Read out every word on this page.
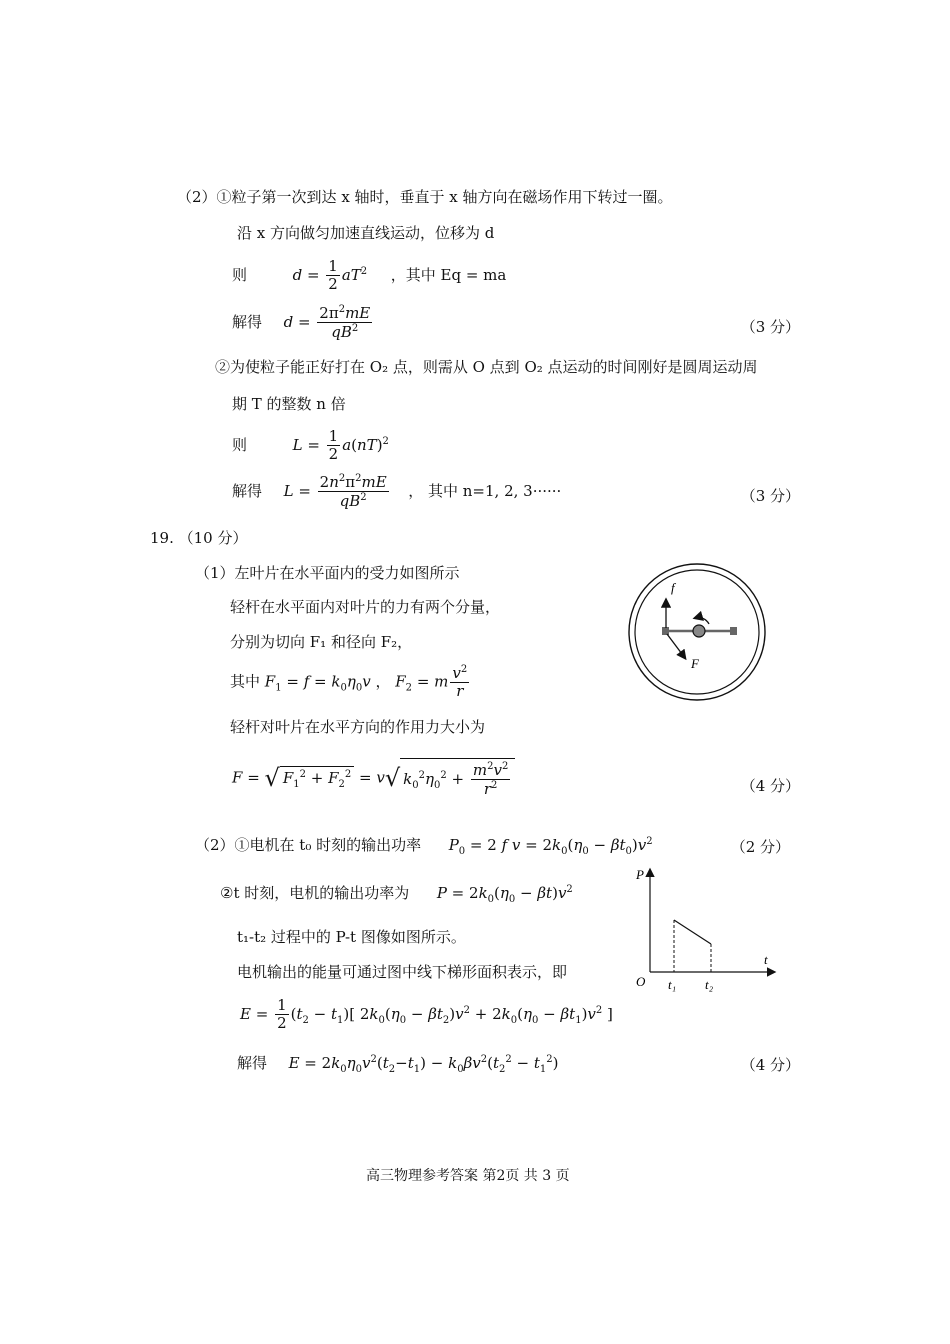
（2）①粒子第一次到达 x 轴时，垂直于 x 轴方向在磁场作用下转过一圈。
沿 x 方向做匀加速直线运动，位移为 d
则	$d = \frac{1}{2} aT^2$ ，其中 Eq = ma
解得 $d = \frac{2\pi^2mE}{qB^2}$	（3 分）
②为使粒子能正好打在 O₂ 点，则需从 O 点到 O₂ 点运动的时间刚好是圆周运动周
期 T 的整数 n 倍
则	$L = \frac{1}{2} a(nT)^2$
解得 $L = \frac{2n^2\pi^2mE}{qB^2}$ ， 其中 n=1, 2, 3······	（3 分）
19. （10 分）
（1）左叶片在水平面内的受力如图所示
轻杆在水平面内对叶片的力有两个分量，
分别为切向 F₁ 和径向 F₂，
其中 $F_1 = f = k_0\eta_0v$ ， $F_2 = m \frac{v^2}{r}$
轻杆对叶片在水平方向的作用力大小为
F = √ $F_1^2 + F_2^2 = v√$ $k_0^2\eta_0^2 + \frac{m^2v^2}{r^2}$	（4 分）
（2）①电机在 t₀ 时刻的输出功率 $P_0 = 2$ f $v = 2k_0(\eta_0 - \beta t_0)v^2$	（2 分）
②t 时刻，电机的输出功率为 $P = 2k_0(\eta_0 - \beta t)v^2$
t₁-t₂ 过程中的 P-t 图像如图所示。
电机输出的能量可通过图中线下梯形面积表示，即
$E = \frac{1}{2} (t_2 - t_1)$[ $2k_0(\eta_0 - \beta t_2)v^2 + 2k_0(\eta_0 - \beta t_1)v^2$ ]
解得 $E = 2k_0\eta_0v^2(t_2-t_1) - k_0\beta v^2(t_2^2 - t_1^2)$	（4 分）
f
F
P
t
O t₁ t₂
高三物理参考答案 第2页 共 3 页
